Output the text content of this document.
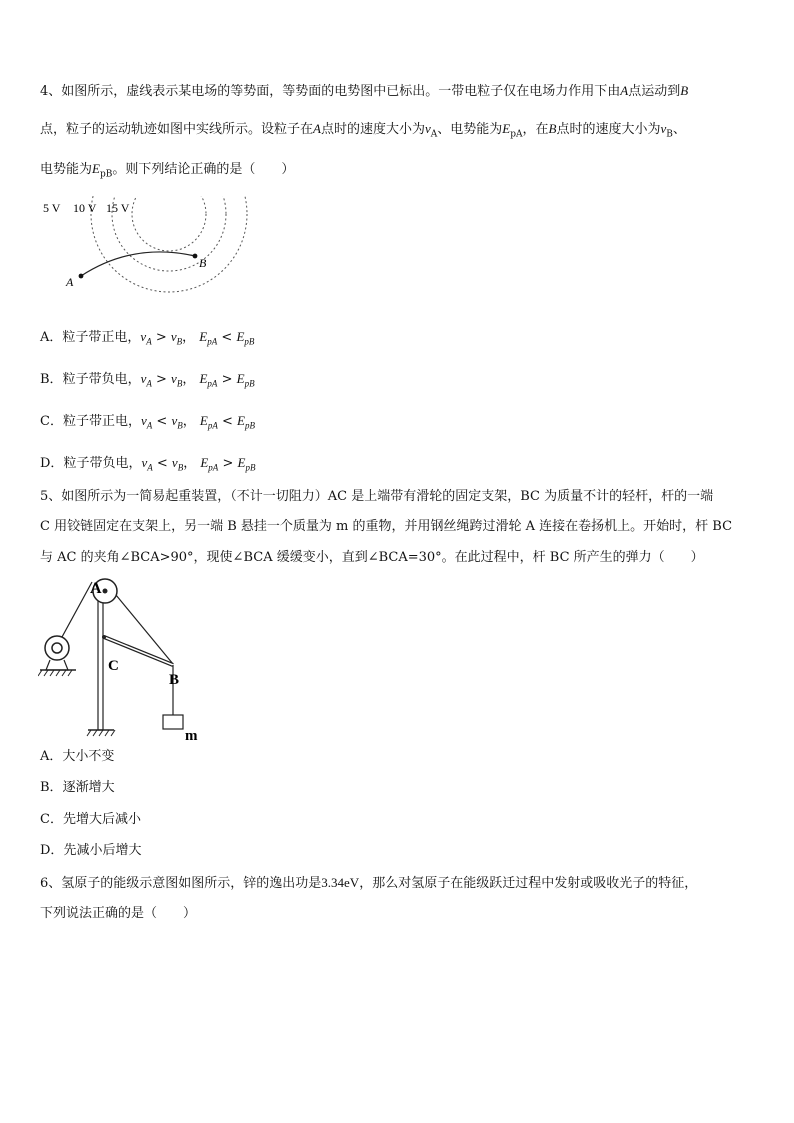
4、如图所示，虚线表示某电场的等势面，等势面的电势图中已标出。一带电粒子仅在电场力作用下由A点运动到B
点，粒子的运动轨迹如图中实线所示。设粒子在A点时的速度大小为$v_A$、电势能为$E_{pA}$，在B点时的速度大小为$v_B$、
电势能为$E_{pB}$。则下列结论正确的是（　　）
5 V 10 V 15 V
A
B
A．粒子带正电，$v_A > v_B$， $E_{pA} < E_{pB}$
B．粒子带负电，$v_A > v_B$， $E_{pA} > E_{pB}$
C．粒子带正电，$v_A < v_B$， $E_{pA} < E_{pB}$
D．粒子带负电，$v_A < v_B$， $E_{pA} > E_{pB}$
5、如图所示为一简易起重装置，（不计一切阻力）AC 是上端带有滑轮的固定支架，BC 为质量不计的轻杆，杆的一端
C 用铰链固定在支架上，另一端 B 悬挂一个质量为 m 的重物，并用钢丝绳跨过滑轮 A 连接在卷扬机上。开始时，杆 BC
与 AC 的夹角∠BCA>90°，现使∠BCA 缓缓变小，直到∠BCA=30°。在此过程中，杆 BC 所产生的弹力（　　）
A
C
B
m
A．大小不变
B．逐渐增大
C．先增大后减小
D．先减小后增大
6、氢原子的能级示意图如图所示，锌的逸出功是3.34eV，那么对氢原子在能级跃迁过程中发射或吸收光子的特征，
下列说法正确的是（　　）
